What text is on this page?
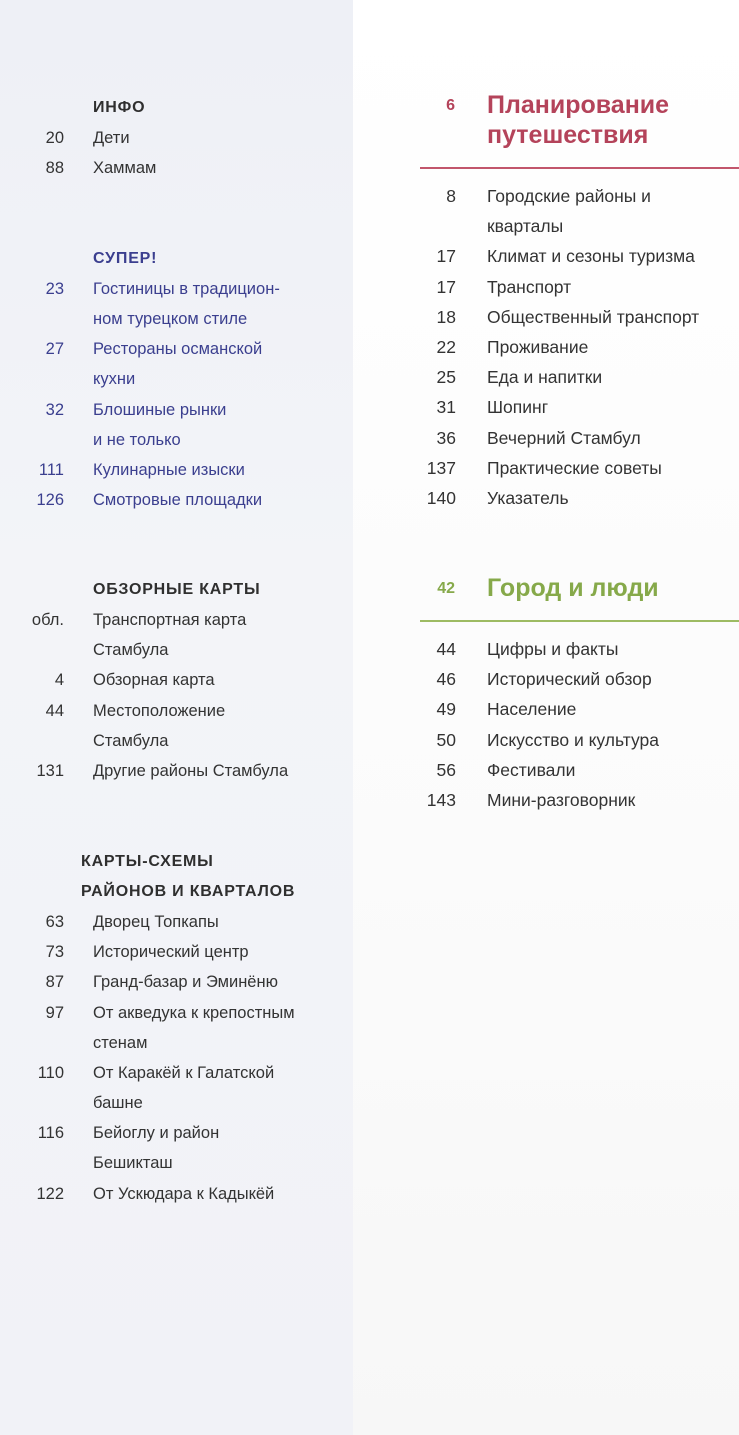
ИНФО
20 Дети
88 Хаммам
СУПЕР!
23 Гостиницы в традицион-
ном турецком стиле
27 Рестораны османской
кухни
32 Блошиные рынки
и не только
111 Кулинарные изыски
126 Смотровые площадки
ОБЗОРНЫЕ КАРТЫ
обл. Транспортная карта
Стамбула
4 Обзорная карта
44 Местоположение
Стамбула
131 Другие районы Стамбула
КАРТЫ-СХЕМЫ
РАЙОНОВ И КВАРТАЛОВ
63 Дворец Топкапы
73 Исторический центр
87 Гранд-базар и Эминёню
97 От акведука к крепостным
стенам
110 От Каракёй к Галатской
башне
116 Бейоглу и район
Бешикташ
122 От Ускюдара к Кадыкёй
6 Планирование
путешествия
8 Городские районы и
кварталы
17 Климат и сезоны туризма
17 Транспорт
18 Общественный транспорт
22 Проживание
25 Еда и напитки
31 Шопинг
36 Вечерний Стамбул
137 Практические советы
140 Указатель
42 Город и люди
44 Цифры и факты
46 Исторический обзор
49 Население
50 Искусство и культура
56 Фестивали
143 Мини-разговорник
